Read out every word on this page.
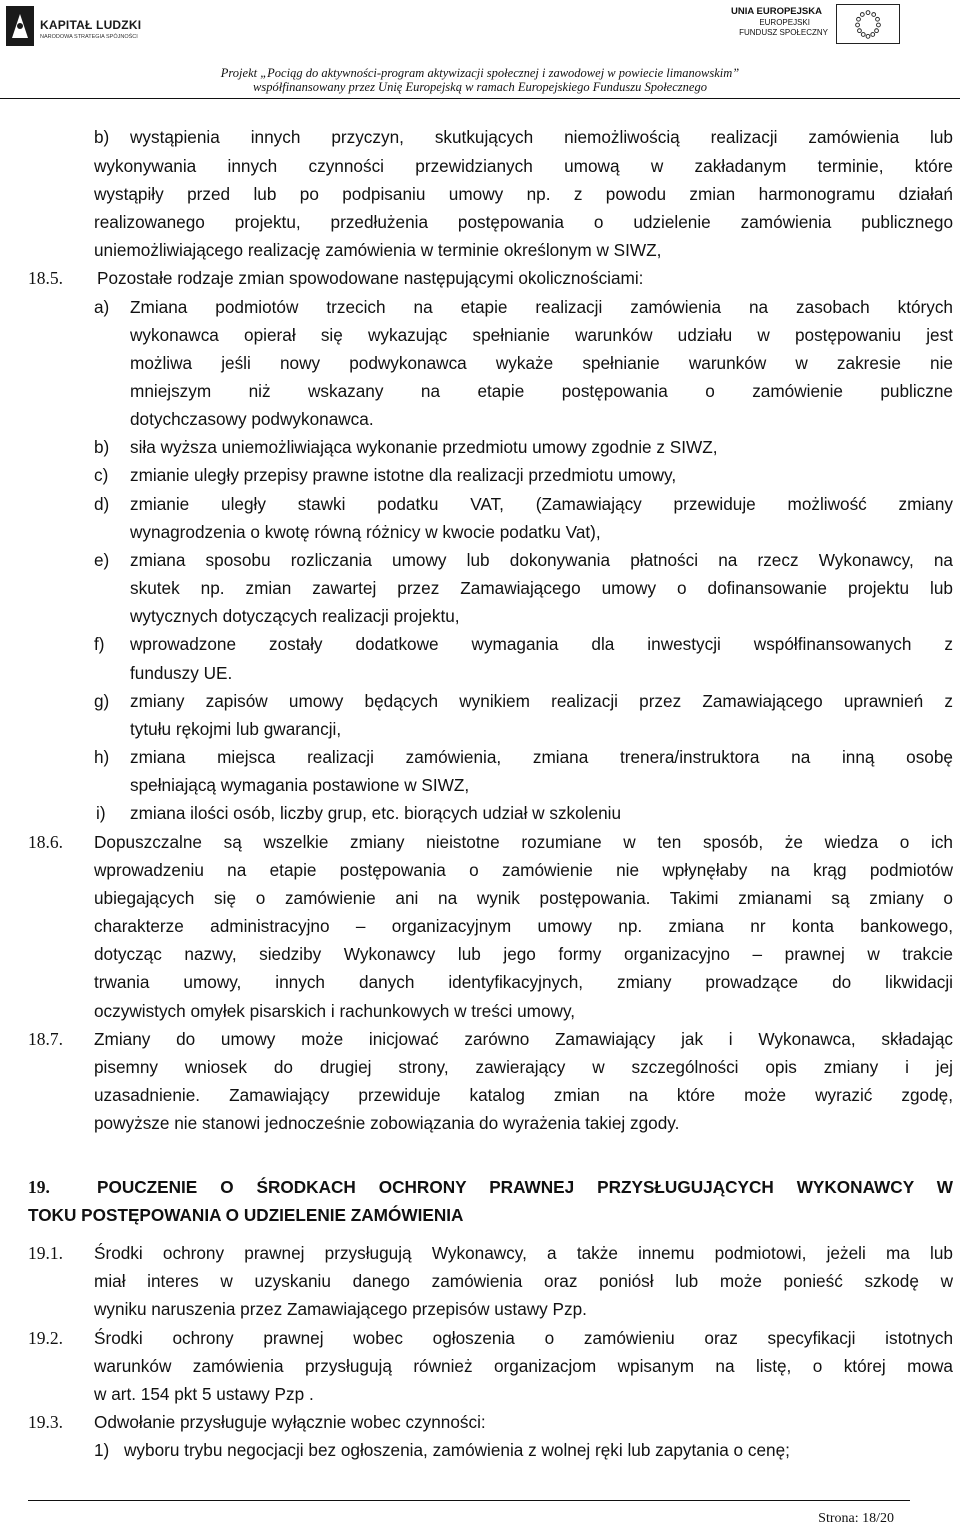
KAPITAŁ LUDZKI
NARODOWA STRATEGIA SPÓJNOŚCI
UNIA EUROPEJSKA
EUROPEJSKI
FUNDUSZ SPOŁECZNY
Projekt „Pociąg do aktywności-program aktywizacji społecznej i zawodowej w powiecie limanowskim”
współfinansowany przez Unię Europejską w ramach Europejskiego Funduszu Społecznego
b) wystąpienia innych przyczyn, skutkujących niemożliwością realizacji zamówienia lub
wykonywania innych czynności przewidzianych umową w zakładanym terminie, które
wystąpiły przed lub po podpisaniu umowy np. z powodu zmian harmonogramu działań
realizowanego projektu, przedłużenia postępowania o udzielenie zamówienia publicznego
uniemożliwiającego realizację zamówienia w terminie określonym w SIWZ,
18.5. Pozostałe rodzaje zmian spowodowane następującymi okolicznościami:
a) Zmiana podmiotów trzecich na etapie realizacji zamówienia na zasobach których
wykonawca opierał się wykazując spełnianie warunków udziału w postępowaniu jest
możliwa jeśli nowy podwykonawca wykaże spełnianie warunków w zakresie nie
mniejszym niż wskazany na etapie postępowania o zamówienie publiczne
dotychczasowy podwykonawca.
b) siła wyższa uniemożliwiająca wykonanie przedmiotu umowy zgodnie z SIWZ,
c) zmianie uległy przepisy prawne istotne dla realizacji przedmiotu umowy,
d) zmianie uległy stawki podatku VAT, (Zamawiający przewiduje możliwość zmiany
wynagrodzenia o kwotę równą różnicy w kwocie podatku Vat),
e) zmiana sposobu rozliczania umowy lub dokonywania płatności na rzecz Wykonawcy, na
skutek np. zmian zawartej przez Zamawiającego umowy o dofinansowanie projektu lub
wytycznych dotyczących realizacji projektu,
f) wprowadzone zostały dodatkowe wymagania dla inwestycji współfinansowanych z
funduszy UE.
g) zmiany zapisów umowy będących wynikiem realizacji przez Zamawiającego uprawnień z
tytułu rękojmi lub gwarancji,
h) zmiana miejsca realizacji zamówienia, zmiana trenera/instruktora na inną osobę
spełniającą wymagania postawione w SIWZ,
i) zmiana ilości osób, liczby grup, etc. biorących udział w szkoleniu
18.6. Dopuszczalne są wszelkie zmiany nieistotne rozumiane w ten sposób, że wiedza o ich
wprowadzeniu na etapie postępowania o zamówienie nie wpłynęłaby na krąg podmiotów
ubiegających się o zamówienie ani na wynik postępowania. Takimi zmianami są zmiany o
charakterze administracyjno – organizacyjnym umowy np. zmiana nr konta bankowego,
dotycząc nazwy, siedziby Wykonawcy lub jego formy organizacyjno – prawnej w trakcie
trwania umowy, innych danych identyfikacyjnych, zmiany prowadzące do likwidacji
oczywistych omyłek pisarskich i rachunkowych w treści umowy,
18.7. Zmiany do umowy może inicjować zarówno Zamawiający jak i Wykonawca, składając
pisemny wniosek do drugiej strony, zawierający w szczególności opis zmiany i jej
uzasadnienie. Zamawiający przewiduje katalog zmian na które może wyrazić zgodę,
powyższe nie stanowi jednocześnie zobowiązania do wyrażenia takiej zgody.
19.	POUCZENIE O ŚRODKACH OCHRONY PRAWNEJ PRZYSŁUGUJĄCYCH WYKONAWCY W
TOKU POSTĘPOWANIA O UDZIELENIE ZAMÓWIENIA
19.1. Środki ochrony prawnej przysługują Wykonawcy, a także innemu podmiotowi, jeżeli ma lub
miał interes w uzyskaniu danego zamówienia oraz poniósł lub może ponieść szkodę w
wyniku naruszenia przez Zamawiającego przepisów ustawy Pzp.
19.2. Środki ochrony prawnej wobec ogłoszenia o zamówieniu oraz specyfikacji istotnych
warunków zamówienia przysługują również organizacjom wpisanym na listę, o której mowa
w art. 154 pkt 5 ustawy Pzp .
19.3. Odwołanie przysługuje wyłącznie wobec czynności:
1) wyboru trybu negocjacji bez ogłoszenia, zamówienia z wolnej ręki lub zapytania o cenę;
Strona: 18/20
